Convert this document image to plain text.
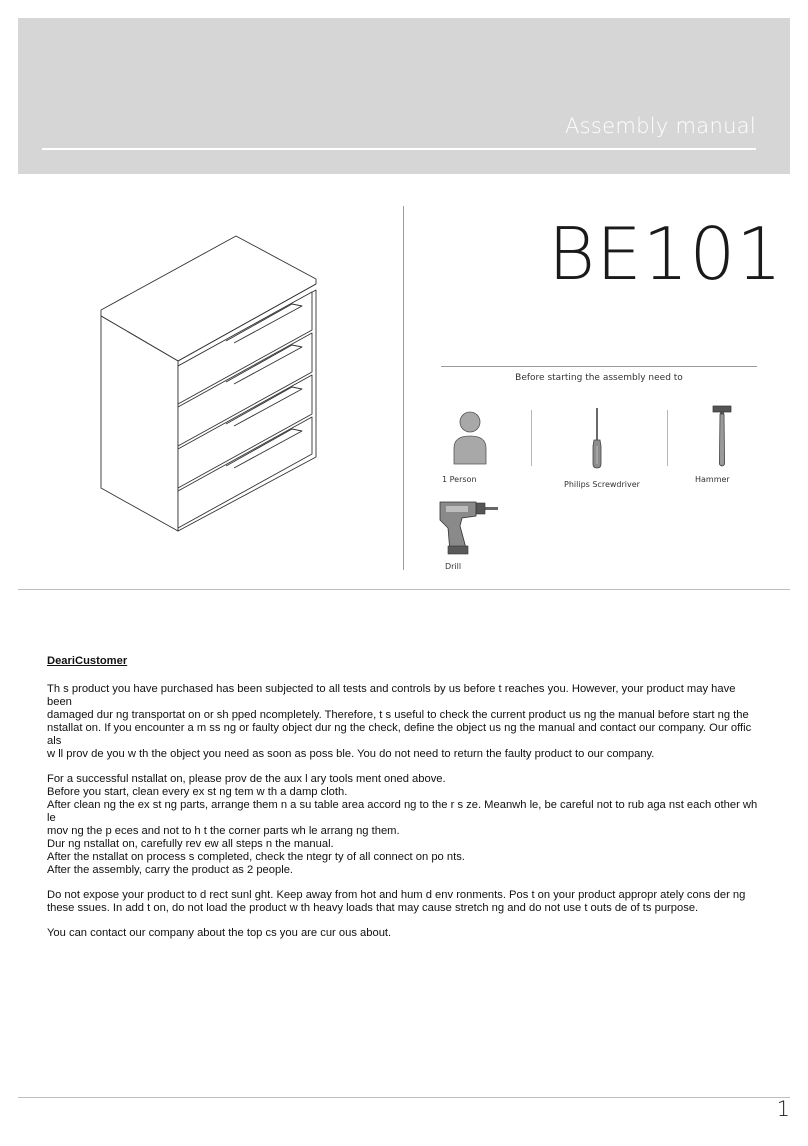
Assembly manual
BE101
Before starting the assembly need to
1 Person
Philips Screwdriver
Hammer
Drill
DeariCustomer

Th s product you have purchased has been subjected to all tests and controls by us before t reaches you. However, your product may have been
damaged dur ng transportat on or sh pped ncompletely. Therefore, t s useful to check the current product us ng the manual before start ng the
nstallat on. If you encounter a m ss ng or faulty object dur ng the check, define the object us ng the manual and contact our company. Our offic als
w ll prov de you w th the object you need as soon as poss ble. You do not need to return the faulty product to our company.

For a successful nstallat on, please prov de the aux l ary tools ment oned above.
Before you start, clean every ex st ng tem w th a damp cloth.
After clean ng the ex st ng parts, arrange them n a su table area accord ng to the r s ze. Meanwh le, be careful not to rub aga nst each other wh le
mov ng the p eces and not to h t the corner parts wh le arrang ng them.
Dur ng nstallat on, carefully rev ew all steps n the manual.
After the nstallat on process s completed, check the ntegr ty of all connect on po nts.
After the assembly, carry the product as 2 people.

Do not expose your product to d rect sunl ght. Keep away from hot and hum d env ronments. Pos t on your product appropr ately cons der ng
these ssues. In add t on, do not load the product w th heavy loads that may cause stretch ng and do not use t outs de of ts purpose.

You can contact our company about the top cs you are cur ous about.

1
